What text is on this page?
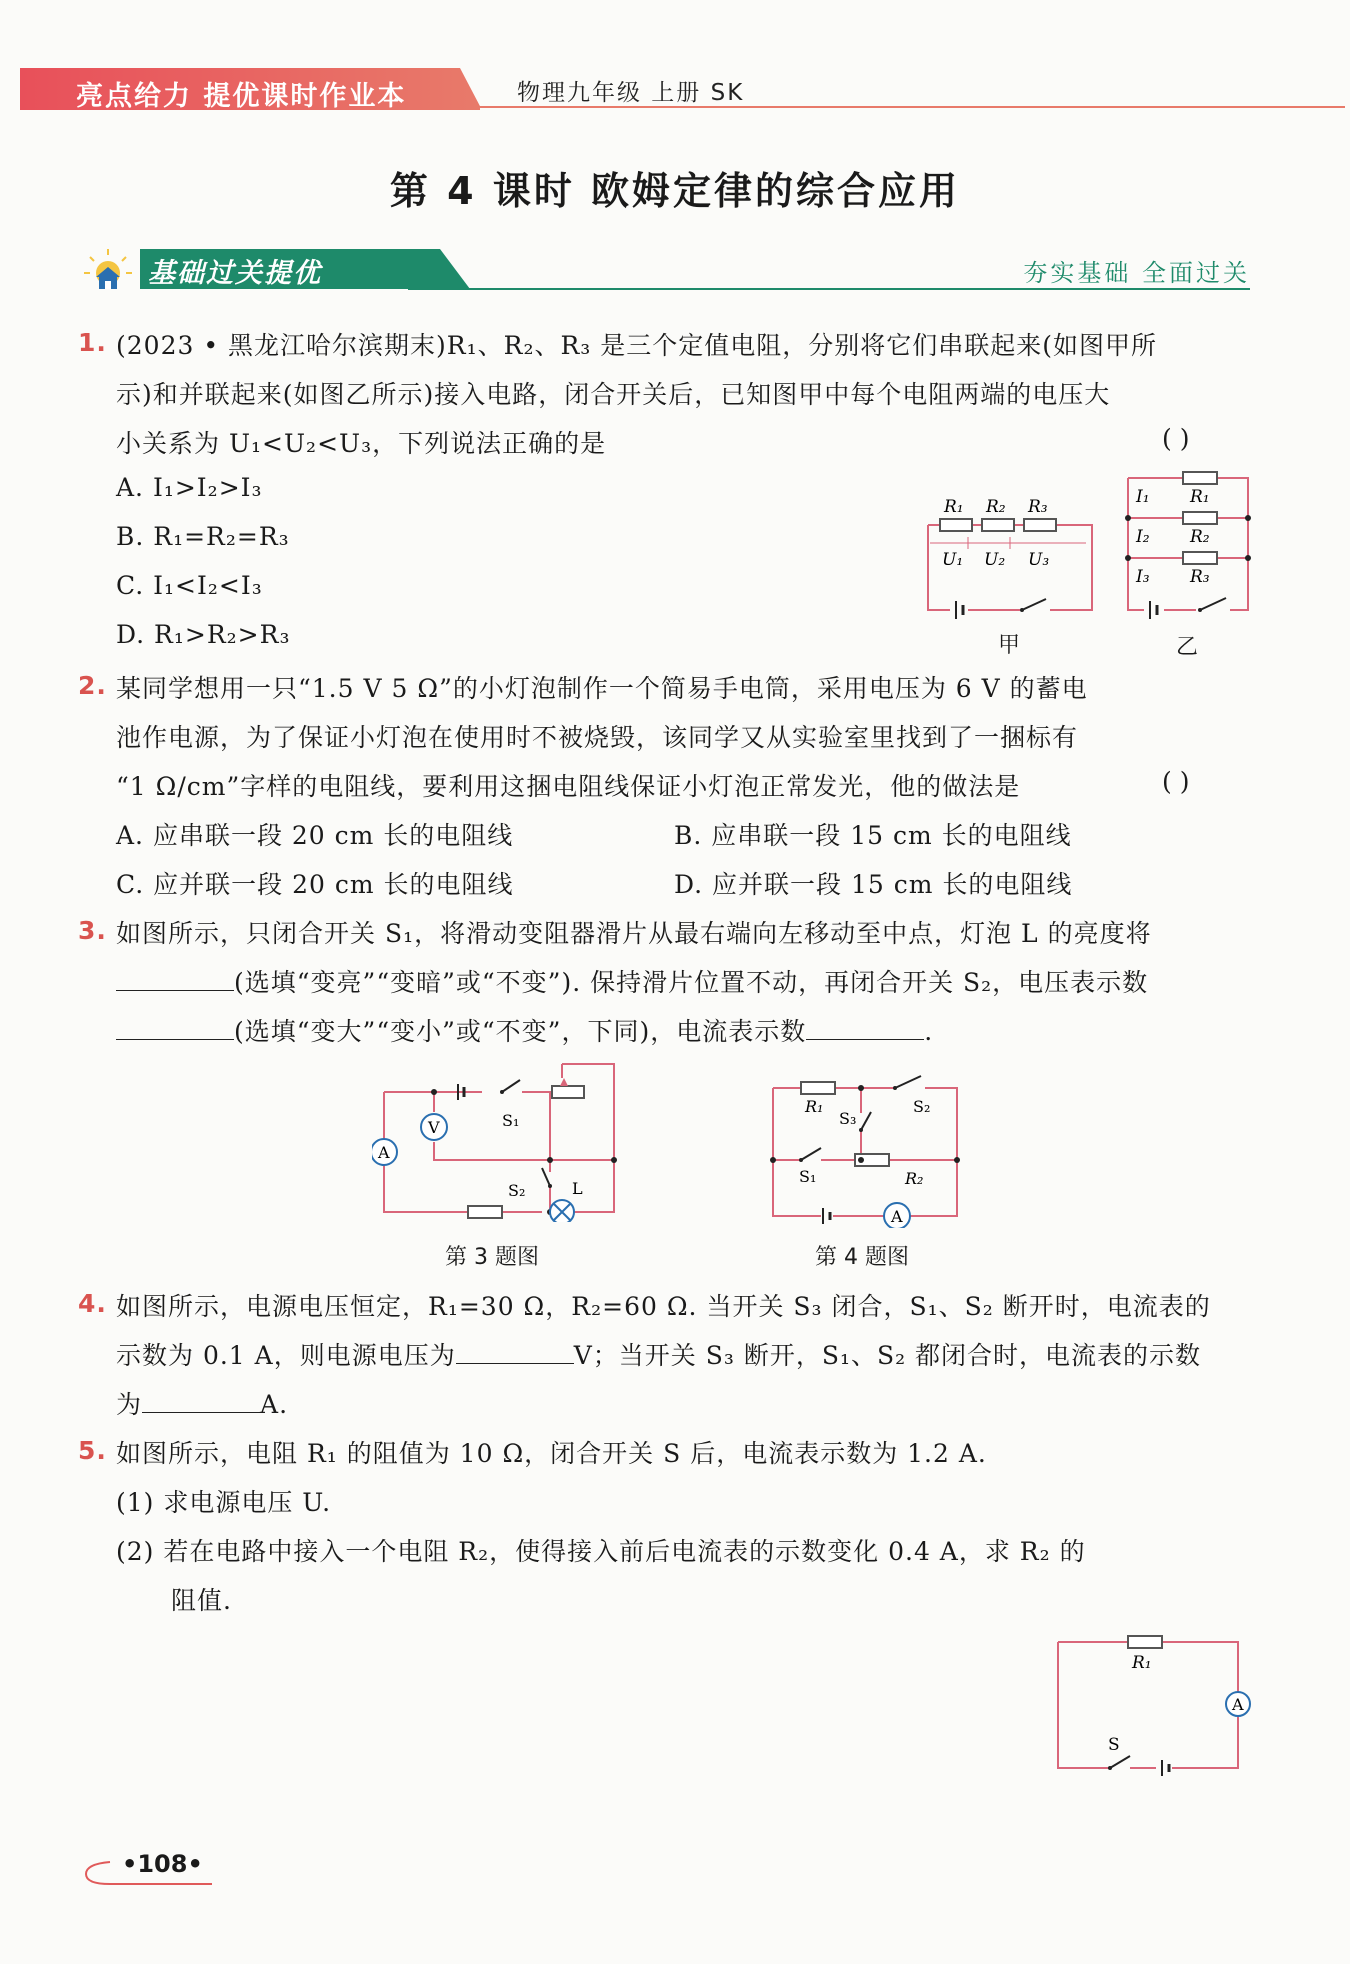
亮点给力 提优课时作业本	物理九年级 上册 SK
第 4 课时 欧姆定律的综合应用
基础过关提优	夯实基础 全面过关
1. (2023 • 黑龙江哈尔滨期末)R₁、R₂、R₃ 是三个定值电阻，分别将它们串联起来(如图甲所
示)和并联起来(如图乙所示)接入电路，闭合开关后，已知图甲中每个电阻两端的电压大
小关系为 U₁<U₂<U₃，下列说法正确的是	( )
A. I₁>I₂>I₃
B. R₁=R₂=R₃
C. I₁<I₂<I₃
D. R₁>R₂>R₃
R₁ R₂ R₃
U₁ U₂ U₃
甲
I₁ R₁
I₂ R₂
I₃ R₃
乙
2. 某同学想用一只“1.5 V 5 Ω”的小灯泡制作一个简易手电筒，采用电压为 6 V 的蓄电
池作电源，为了保证小灯泡在使用时不被烧毁，该同学又从实验室里找到了一捆标有
“1 Ω/cm”字样的电阻线，要利用这捆电阻线保证小灯泡正常发光，他的做法是	( )
A. 应串联一段 20 cm 长的电阻线	B. 应串联一段 15 cm 长的电阻线
C. 应并联一段 20 cm 长的电阻线	D. 应并联一段 15 cm 长的电阻线
3. 如图所示，只闭合开关 S₁，将滑动变阻器滑片从最右端向左移动至中点，灯泡 L 的亮度将
(选填“变亮”“变暗”或“不变”). 保持滑片位置不动，再闭合开关 S₂，电压表示数
(选填“变大”“变小”或“不变”，下同)，电流表示数	.
V
A
S₁
S₂	L
第 3 题图
A
R₁	S₂
S₃
S₁	R₂
第 4 题图
4. 如图所示，电源电压恒定，R₁=30 Ω，R₂=60 Ω. 当开关 S₃ 闭合，S₁、S₂ 断开时，电流表的
示数为 0.1 A，则电源电压为	V；当开关 S₃ 断开，S₁、S₂ 都闭合时，电流表的示数
为	A.
5. 如图所示，电阻 R₁ 的阻值为 10 Ω，闭合开关 S 后，电流表示数为 1.2 A.
(1) 求电源电压 U.
(2) 若在电路中接入一个电阻 R₂，使得接入前后电流表的示数变化 0.4 A，求 R₂ 的
阻值.
A
R₁
S
•108•
